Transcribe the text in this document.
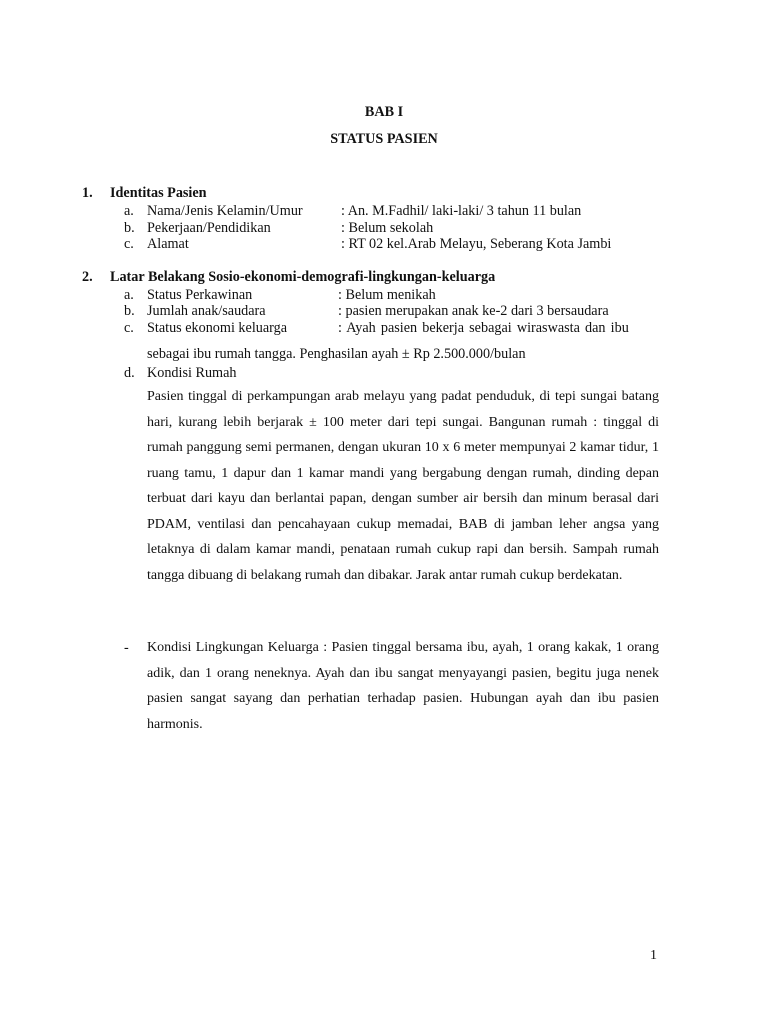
BAB I
STATUS PASIEN
1. Identitas Pasien
a. Nama/Jenis Kelamin/Umur	: An. M.Fadhil/ laki-laki/ 3 tahun 11 bulan
b. Pekerjaan/Pendidikan	: Belum sekolah
c. Alamat	: RT 02 kel.Arab Melayu, Seberang Kota Jambi
2. Latar Belakang Sosio-ekonomi-demografi-lingkungan-keluarga
a. Status Perkawinan	: Belum menikah
b. Jumlah anak/saudara	: pasien merupakan anak ke-2 dari 3 bersaudara
c. Status ekonomi keluarga	: Ayah pasien bekerja sebagai wiraswasta dan ibu
sebagai ibu rumah tangga. Penghasilan ayah ± Rp 2.500.000/bulan
d. Kondisi Rumah
Pasien tinggal di perkampungan arab melayu yang padat penduduk, di tepi sungai batang hari, kurang lebih berjarak ± 100 meter dari tepi sungai. Bangunan rumah : tinggal di rumah panggung semi permanen, dengan ukuran 10 x 6 meter mempunyai 2 kamar tidur, 1 ruang tamu, 1 dapur dan 1 kamar mandi yang bergabung dengan rumah, dinding depan terbuat dari kayu dan berlantai papan, dengan sumber air bersih dan minum berasal dari PDAM, ventilasi dan pencahayaan cukup memadai, BAB di jamban leher angsa yang letaknya di dalam kamar mandi, penataan rumah cukup rapi dan bersih. Sampah rumah tangga dibuang di belakang rumah dan dibakar. Jarak antar rumah cukup berdekatan.
- Kondisi Lingkungan Keluarga : Pasien tinggal bersama ibu, ayah, 1 orang kakak, 1 orang adik, dan 1 orang neneknya. Ayah dan ibu sangat menyayangi pasien, begitu juga nenek pasien sangat sayang dan perhatian terhadap pasien. Hubungan ayah dan ibu pasien harmonis.
1
